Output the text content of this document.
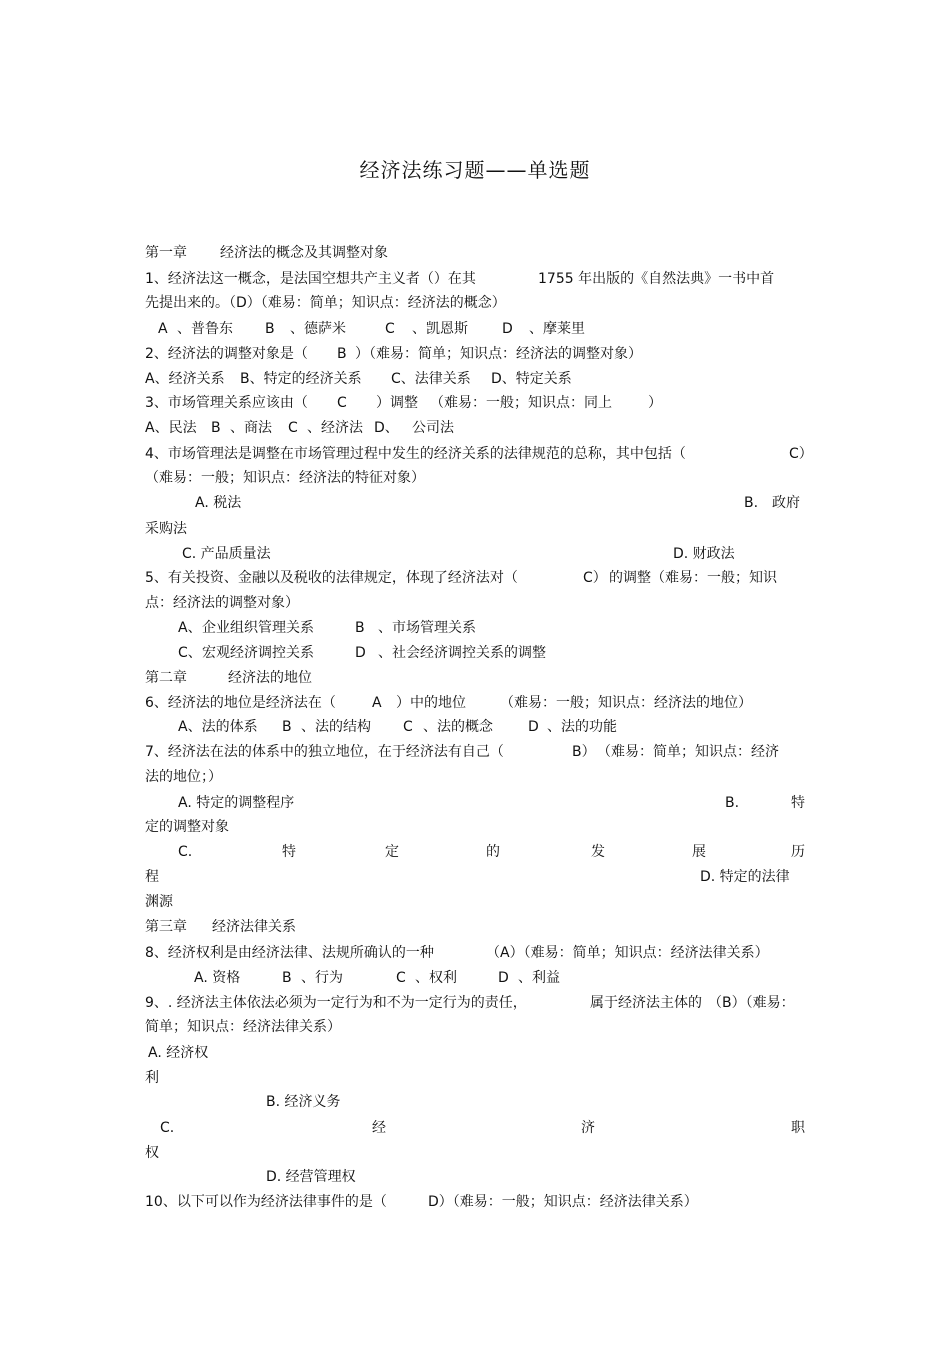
经济法练习题——单选题
第一章 经济法的概念及其调整对象
1、经济法这一概念，是法国空想共产主义者（）在其	1755 年出版的《自然法典》一书中首
先提出来的。（D）（难易：简单；知识点：经济法的概念）
A 、普鲁东 B 、德萨米	C 、凯恩斯 D 、摩莱里
2、经济法的调整对象是（ B ）（难易：简单；知识点：经济法的调整对象）
A、经济关系 B、特定的经济关系 C、法律关系 D、特定关系
3、市场管理关系应该由（ C ）调整 （难易：一般；知识点：同上	）
A、民法 B 、商法 C 、经济法 D、 公司法
4、市场管理法是调整在市场管理过程中发生的经济关系的法律规范的总称，其中包括（	C）
（难易：一般；知识点：经济法的特征对象）
A. 税法	B. 政府
采购法
C. 产品质量法	D. 财政法
5、有关投资、金融以及税收的法律规定，体现了经济法对（	C） 的调整（难易：一般；知识
点：经济法的调整对象）
A、 企业组织管理关系	B 、市场管理关系
C、 宏观经济调控关系	D 、社会经济调控关系的调整
第二章	经济法的地位
6、经济法的地位是经济法在（	A ）中的地位 （难易：一般；知识点：经济法的地位）
A、法的体系 B 、法的结构 C 、法的概念	D 、法的功能
7、经济法在法的体系中的独立地位，在于经济法有自己（	B） （难易：简单；知识点：经济
法的地位；）
A. 特定的调整程序	B.	特
定的调整对象
C.	特	定	的	发	展	历
程	D. 特定的法律
渊源
第三章 经济法律关系
8、经济权利是由经济法律、法规所确认的一种	（A）（难易：简单；知识点：经济法律关系）
A. 资格	B 、行为	C 、权利	D 、利益
9、. 经济法主体依法必须为一定行为和不为一定行为的责任，	属于经济法主体的 （B）（难易：
简单；知识点：经济法律关系）
A. 经济权
利
B. 经济义务
C.	经	济	职
权
D. 经营管理权
10、以下可以作为经济法律事件的是（	D）（难易：一般；知识点：经济法律关系）
